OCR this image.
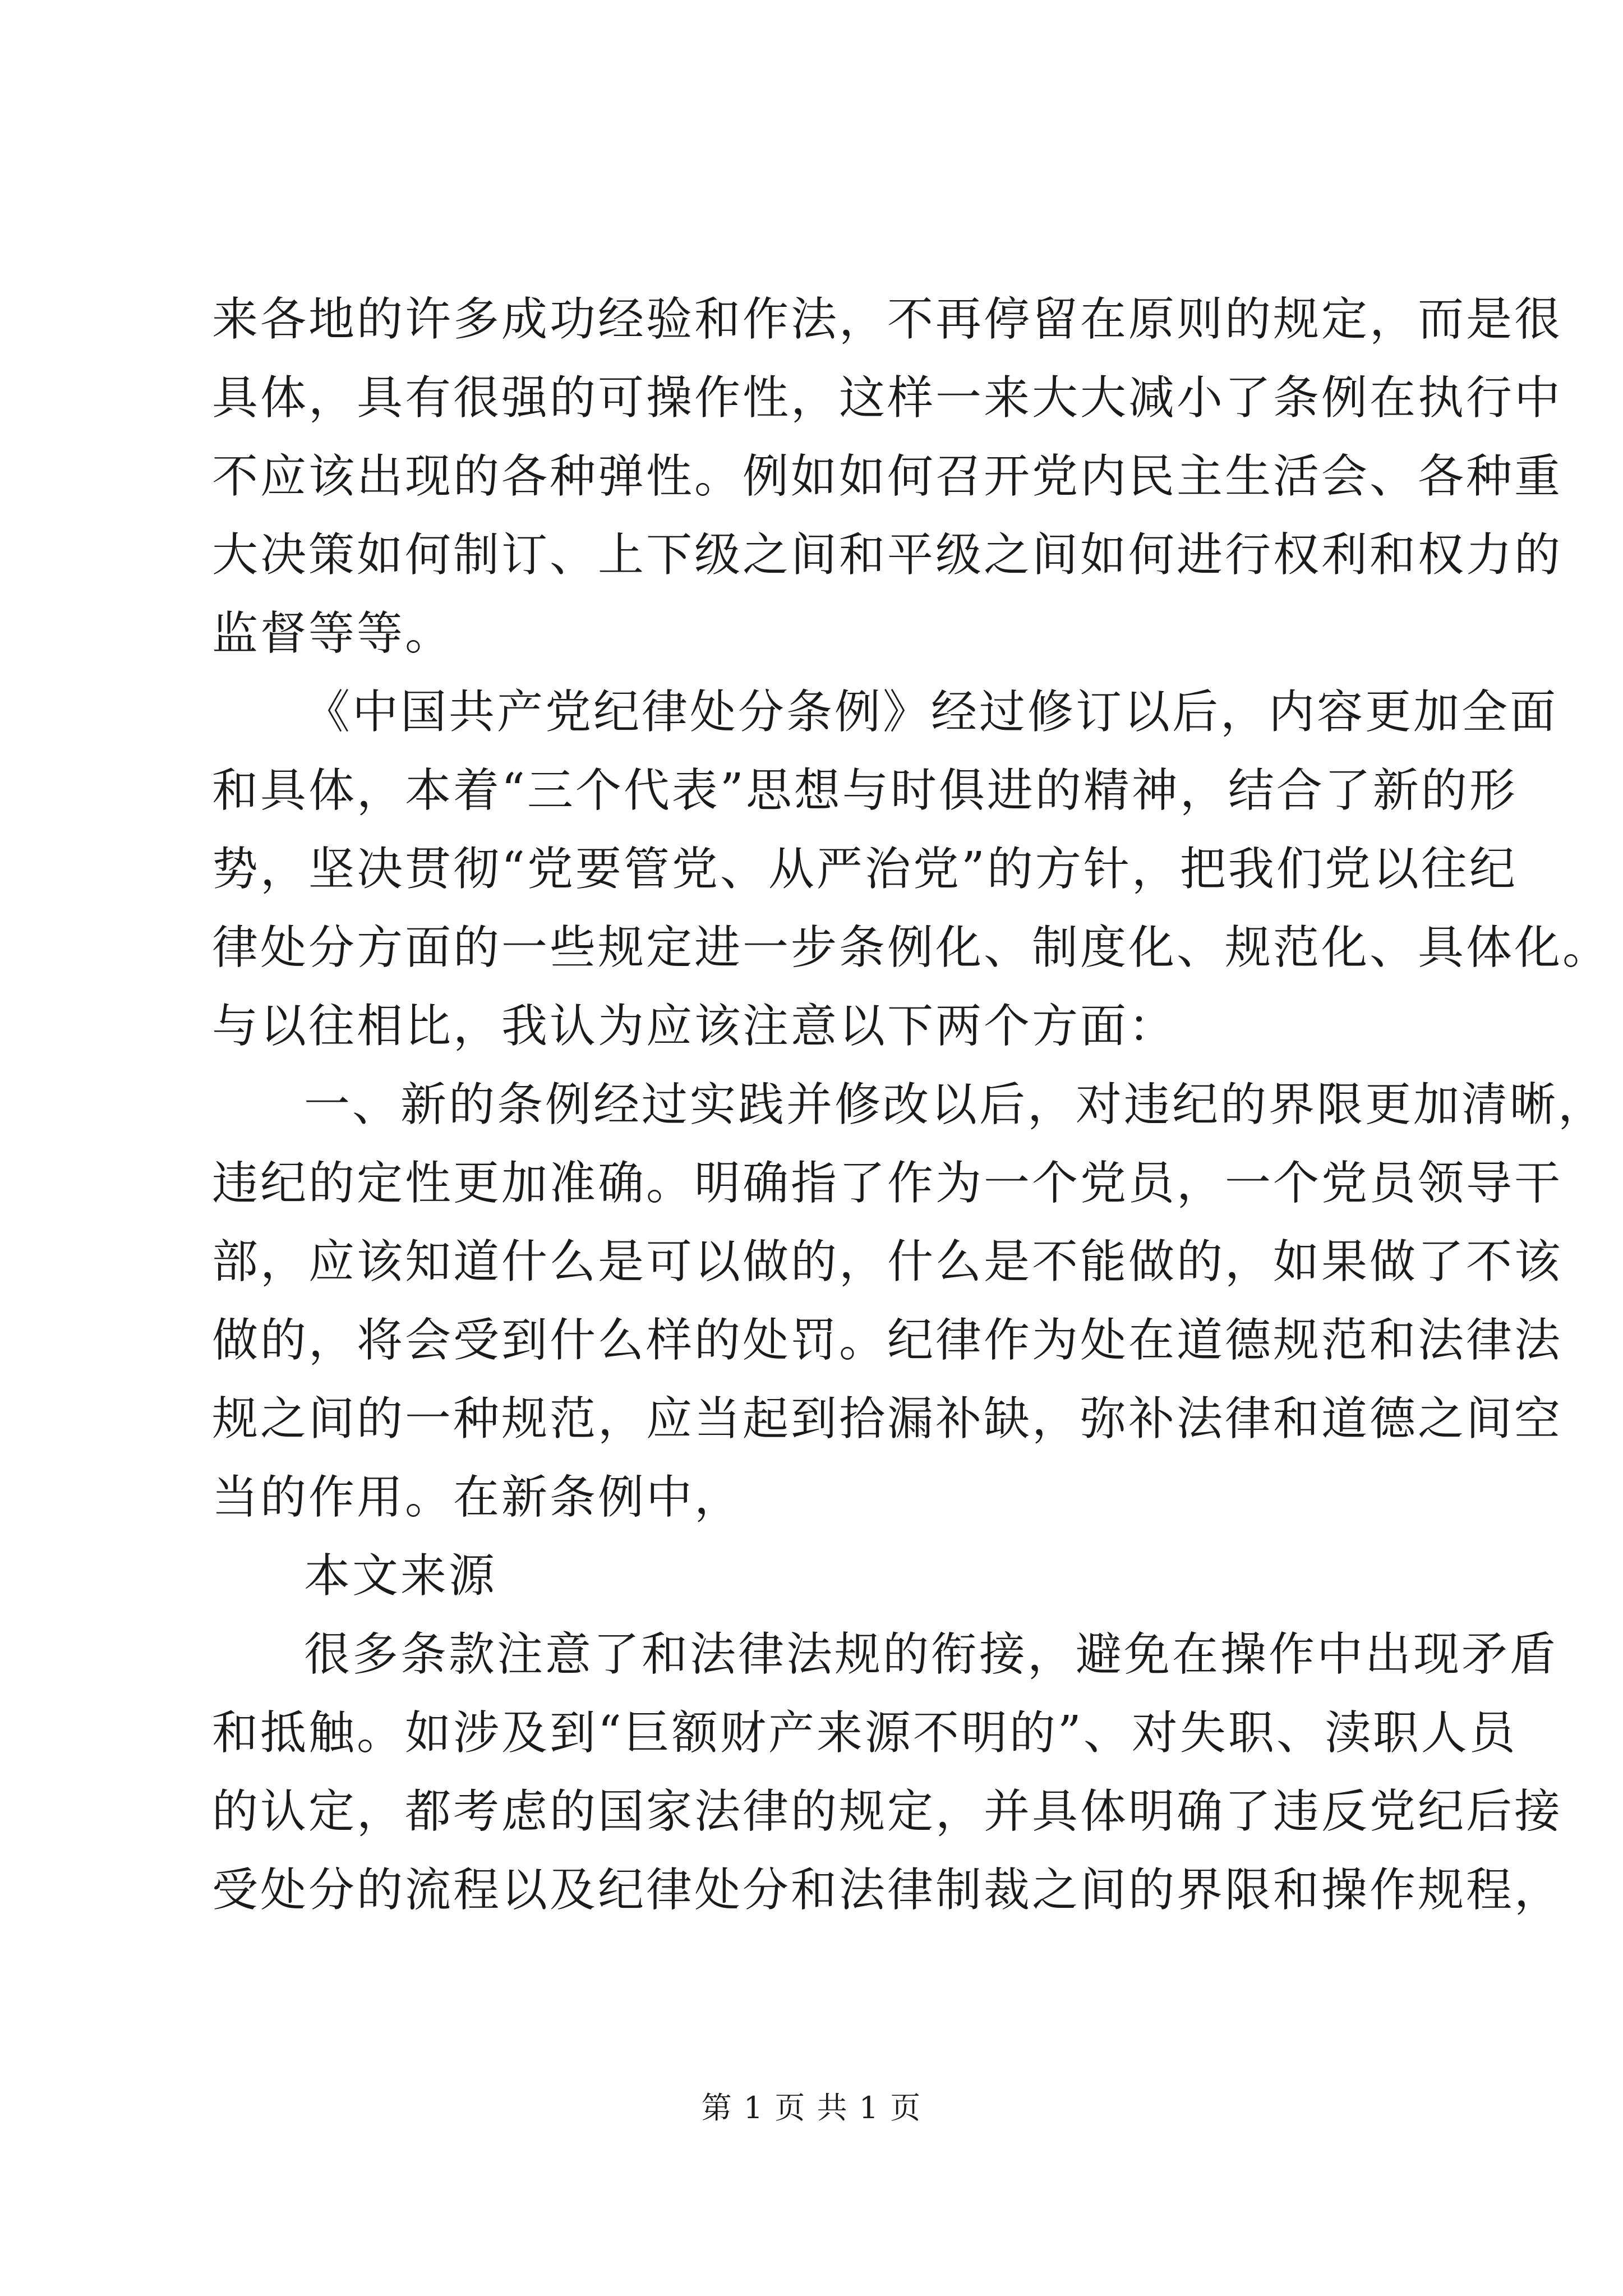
来各地的许多成功经验和作法，不再停留在原则的规定，而是很
具体，具有很强的可操作性，这样一来大大减小了条例在执行中
不应该出现的各种弹性。例如如何召开党内民主生活会、各种重
大决策如何制订、上下级之间和平级之间如何进行权利和权力的
监督等等。
《中国共产党纪律处分条例》经过修订以后，内容更加全面
和具体，本着“三个代表”思想与时俱进的精神，结合了新的形
势，坚决贯彻“党要管党、从严治党”的方针，把我们党以往纪
律处分方面的一些规定进一步条例化、制度化、规范化、具体化。
与以往相比，我认为应该注意以下两个方面：
一、新的条例经过实践并修改以后，对违纪的界限更加清晰，
违纪的定性更加准确。明确指了作为一个党员，一个党员领导干
部，应该知道什么是可以做的，什么是不能做的，如果做了不该
做的，将会受到什么样的处罚。纪律作为处在道德规范和法律法
规之间的一种规范，应当起到拾漏补缺，弥补法律和道德之间空
当的作用。在新条例中，
本文来源
很多条款注意了和法律法规的衔接，避免在操作中出现矛盾
和抵触。如涉及到“巨额财产来源不明的”、对失职、渎职人员
的认定，都考虑的国家法律的规定，并具体明确了违反党纪后接
受处分的流程以及纪律处分和法律制裁之间的界限和操作规程，
第 1 页 共 1 页
